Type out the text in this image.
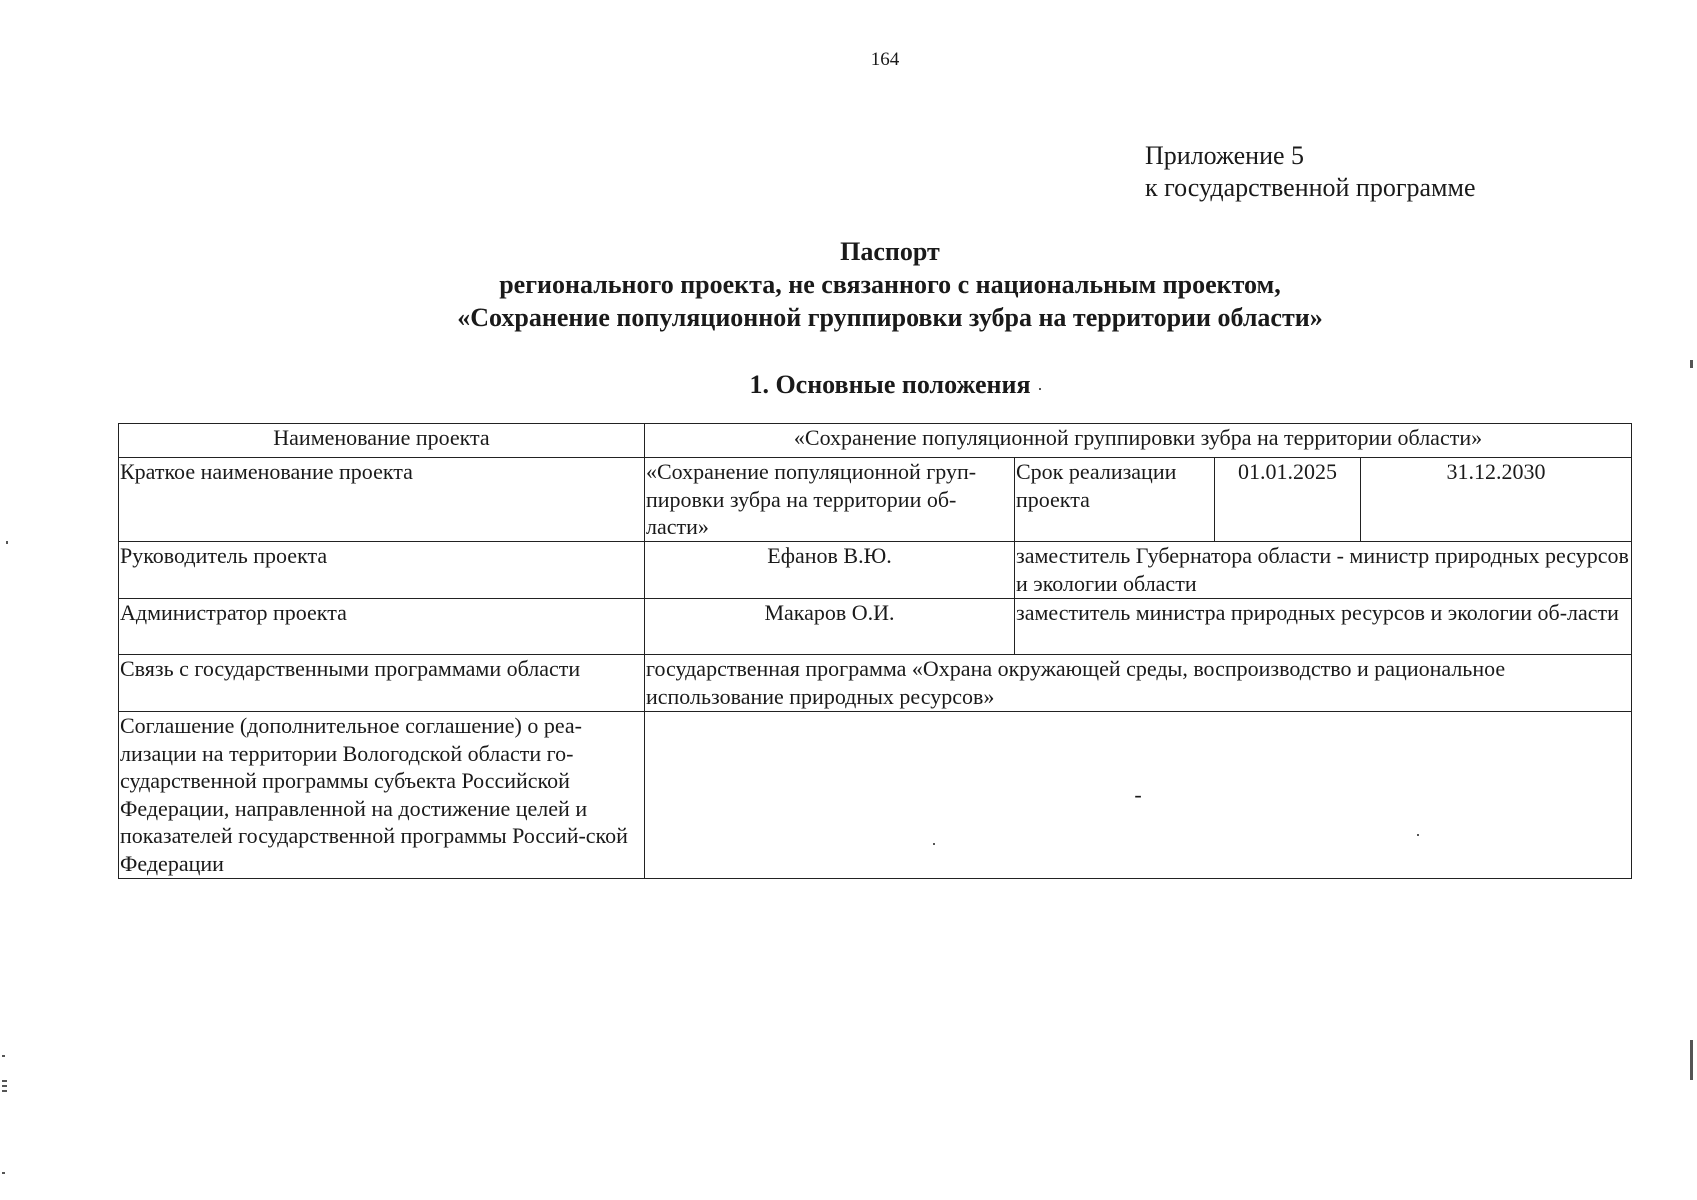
164
Приложение 5
к государственной программе
Паспорт
регионального проекта, не связанного с национальным проектом,
«Сохранение популяционной группировки зубра на территории области»
1. Основные положения
Наименование проекта	«Сохранение популяционной группировки зубра на территории области»			
Краткое наименование проекта	«Сохранение популяционной груп-пировки зубра на территории об-ласти»	Срок реализации проекта	01.01.2025	31.12.2030
Руководитель проекта	Ефанов В.Ю.	заместитель Губернатора области - министр природных ресурсов и экологии области		
Администратор проекта	Макаров О.И.	заместитель министра природных ресурсов и экологии об-ласти		
Связь с государственными программами области	государственная программа «Охрана окружающей среды, воспроизводство и рациональное использование природных ресурсов»			
Соглашение (дополнительное соглашение) о реа-лизации на территории Вологодской области го-сударственной программы субъекта Российской Федерации, направленной на достижение целей и показателей государственной программы Россий-ской Федерации	-			
